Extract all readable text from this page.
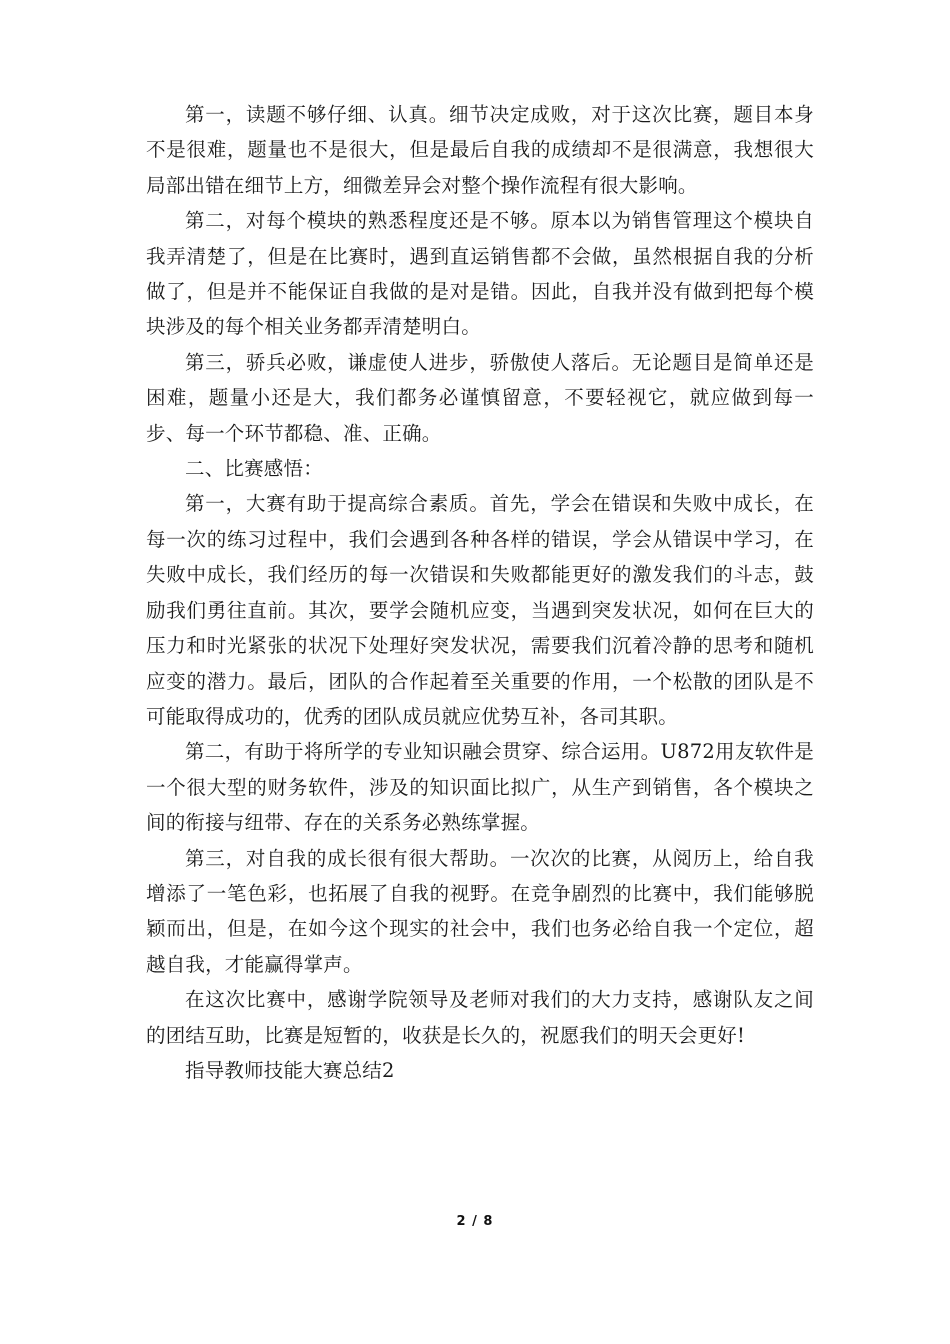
第一，读题不够仔细、认真。细节决定成败，对于这次比赛，题目本身不是很难，题量也不是很大，但是最后自我的成绩却不是很满意，我想很大局部出错在细节上方，细微差异会对整个操作流程有很大影响。

第二，对每个模块的熟悉程度还是不够。原本以为销售管理这个模块自我弄清楚了，但是在比赛时，遇到直运销售都不会做，虽然根据自我的分析做了，但是并不能保证自我做的是对是错。因此，自我并没有做到把每个模块涉及的每个相关业务都弄清楚明白。

第三，骄兵必败，谦虚使人进步，骄傲使人落后。无论题目是简单还是困难，题量小还是大，我们都务必谨慎留意，不要轻视它，就应做到每一步、每一个环节都稳、准、正确。

二、比赛感悟：

第一，大赛有助于提高综合素质。首先，学会在错误和失败中成长，在每一次的练习过程中，我们会遇到各种各样的错误，学会从错误中学习，在失败中成长，我们经历的每一次错误和失败都能更好的激发我们的斗志，鼓励我们勇往直前。其次，要学会随机应变，当遇到突发状况，如何在巨大的压力和时光紧张的状况下处理好突发状况，需要我们沉着冷静的思考和随机应变的潜力。最后，团队的合作起着至关重要的作用，一个松散的团队是不可能取得成功的，优秀的团队成员就应优势互补，各司其职。

第二，有助于将所学的专业知识融会贯穿、综合运用。U872用友软件是一个很大型的财务软件，涉及的知识面比拟广，从生产到销售，各个模块之间的衔接与纽带、存在的关系务必熟练掌握。

第三，对自我的成长很有很大帮助。一次次的比赛，从阅历上，给自我增添了一笔色彩，也拓展了自我的视野。在竞争剧烈的比赛中，我们能够脱颖而出，但是，在如今这个现实的社会中，我们也务必给自我一个定位，超越自我，才能赢得掌声。

在这次比赛中，感谢学院领导及老师对我们的大力支持，感谢队友之间的团结互助，比赛是短暂的，收获是长久的，祝愿我们的明天会更好!

指导教师技能大赛总结2

2 / 8
